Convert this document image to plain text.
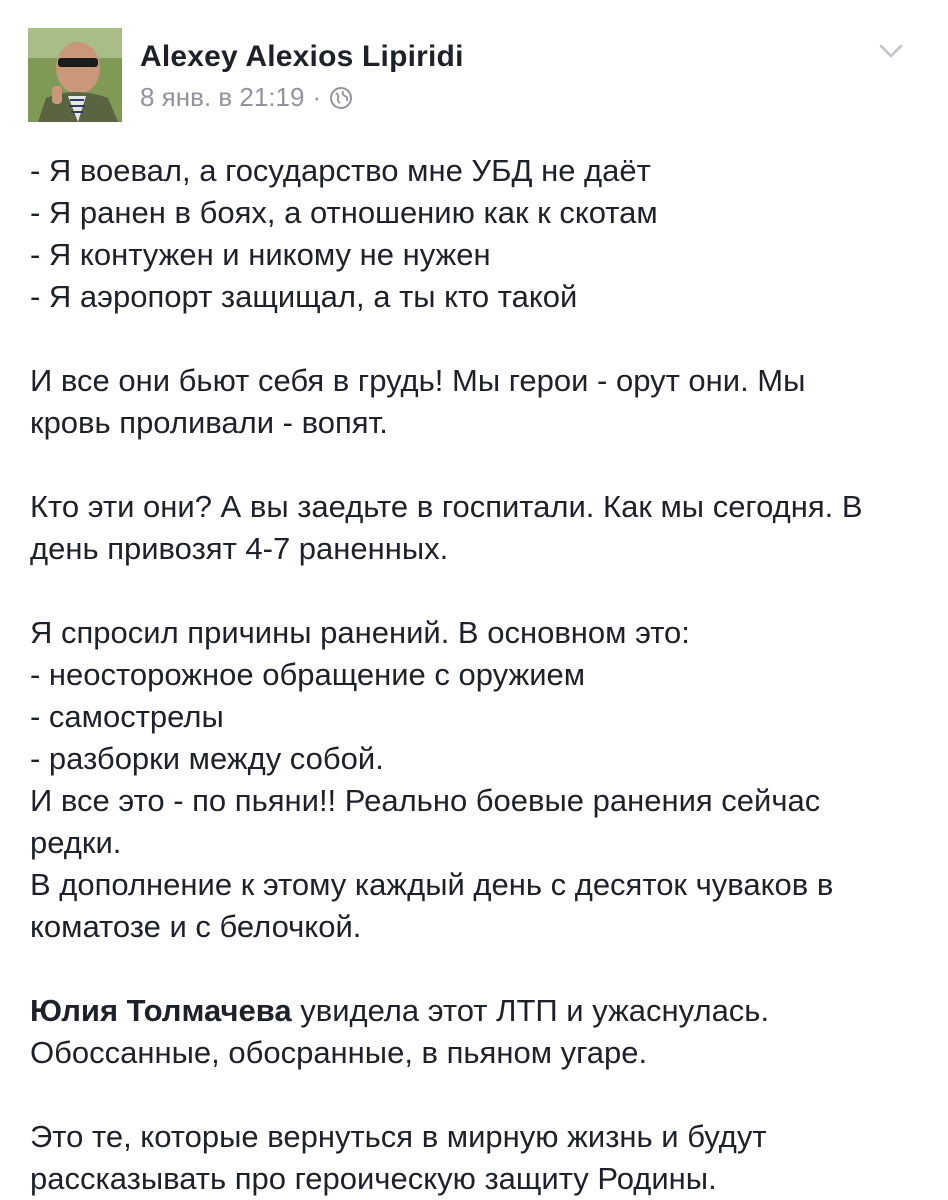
Alexey Alexios Lipiridi
8 янв. в 21:19 ·
- Я воевал, а государство мне УБД не даёт
- Я ранен в боях, а отношению как к скотам
- Я контужен и никому не нужен
- Я аэропорт защищал, а ты кто такой
И все они бьют себя в грудь! Мы герои - орут они. Мы
кровь проливали - вопят.
Кто эти они? А вы заедьте в госпитали. Как мы сегодня. В
день привозят 4-7 раненных.
Я спросил причины ранений. В основном это:
- неосторожное обращение с оружием
- самострелы
- разборки между собой.
И все это - по пьяни!! Реально боевые ранения сейчас
редки.
В дополнение к этому каждый день с десяток чуваков в
коматозе и с белочкой.
Юлия Толмачева увидела этот ЛТП и ужаснулась.
Обоссанные, обосранные, в пьяном угаре.
Это те, которые вернуться в мирную жизнь и будут
рассказывать про героическую защиту Родины.
